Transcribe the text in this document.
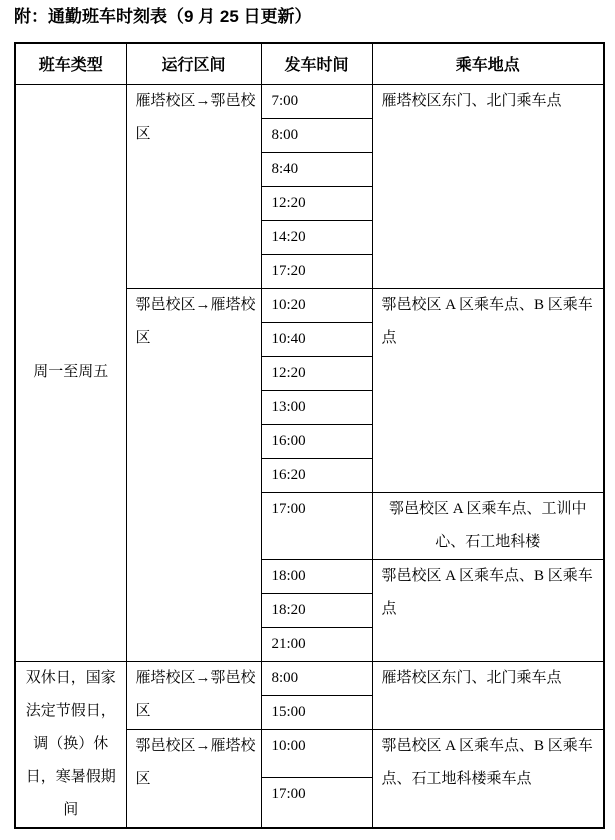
附：通勤班车时刻表（9 月 25 日更新）
班车类型	运行区间	发车时间	乘车地点
周一至周五	雁塔校区→鄠邑校区	7:00	雁塔校区东门、北门乘车点
		8:00	
		8:40	
		12:20	
		14:20	
		17:20	
	鄠邑校区→雁塔校区	10:20	鄠邑校区 A 区乘车点、B 区乘车点
		10:40	
		12:20	
		13:00	
		16:00	
		16:20	
		17:00	鄠邑校区 A 区乘车点、工训中心、石工地科楼
		18:00	鄠邑校区 A 区乘车点、B 区乘车点
		18:20	
		21:00	
双休日，国家法定节假日，调（换）休日，寒暑假期间	雁塔校区→鄠邑校区	8:00	雁塔校区东门、北门乘车点
		15:00	
	鄠邑校区→雁塔校区	10:00	鄠邑校区 A 区乘车点、B 区乘车点、石工地科楼乘车点
		17:00	
